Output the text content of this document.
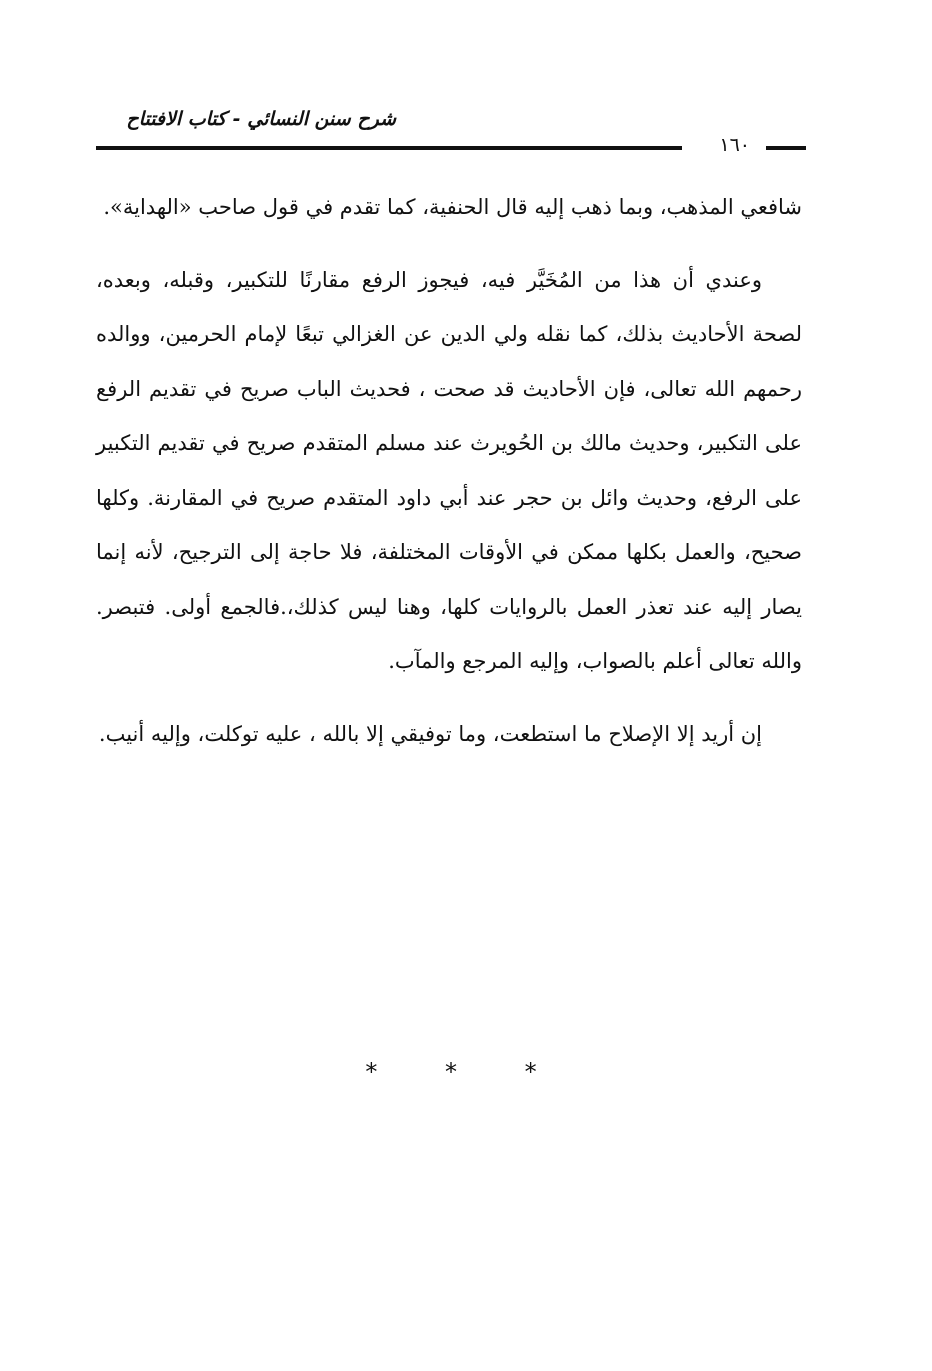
شرح سنن النسائي - كتاب الافتتاح
١٦٠

شافعي المذهب، وبما ذهب إليه قال الحنفية، كما تقدم في قول صاحب «الهداية».

وعندي أن هذا من المُخَيَّر فيه، فيجوز الرفع مقارنًا للتكبير، وقبله، وبعده، لصحة الأحاديث بذلك، كما نقله ولي الدين عن الغزالي تبعًا لإمام الحرمين، ووالده رحمهم الله تعالى، فإن الأحاديث قد صحت ، فحديث الباب صريح في تقديم الرفع على التكبير، وحديث مالك بن الحُويرث عند مسلم المتقدم صريح في تقديم التكبير على الرفع، وحديث وائل بن حجر عند أبي داود المتقدم صريح في المقارنة. وكلها صحيح، والعمل بكلها ممكن في الأوقات المختلفة، فلا حاجة إلى الترجيح، لأنه إنما يصار إليه عند تعذر العمل بالروايات كلها، وهنا ليس كذلك،.فالجمع أولى. فتبصر. والله تعالى أعلم بالصواب، وإليه المرجع والمآب.

إن أريد إلا الإصلاح ما استطعت، وما توفيقي إلا بالله ، عليه توكلت، وإليه أنيب.

* * *
